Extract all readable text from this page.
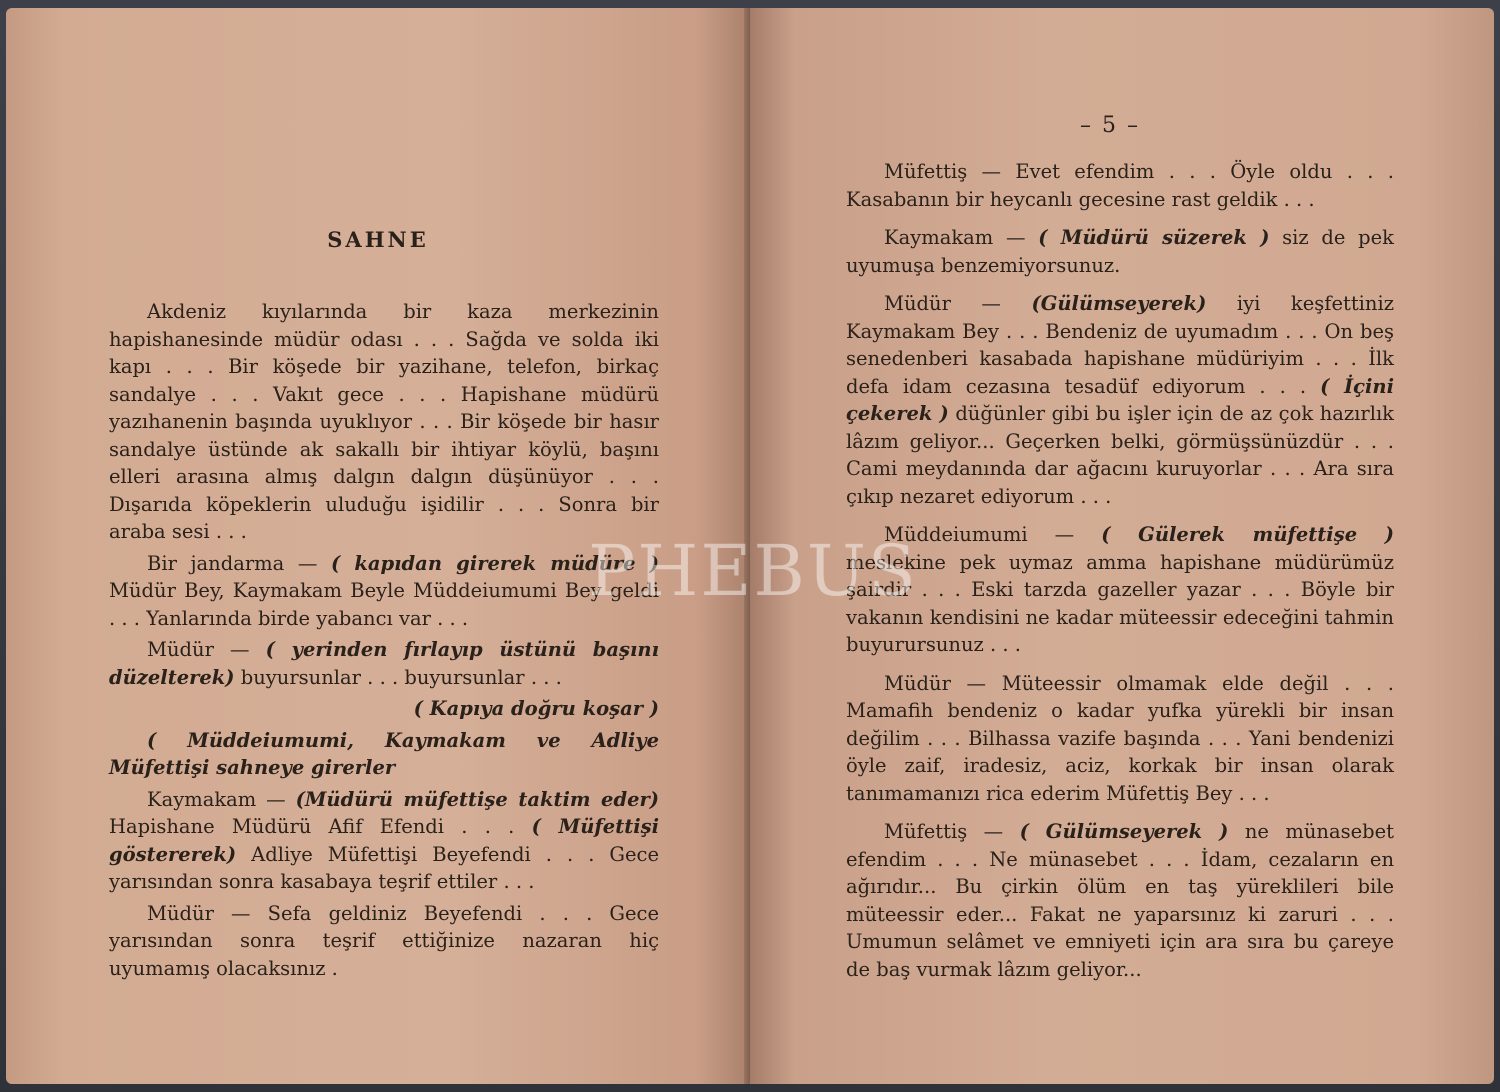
SAHNE

Akdeniz kıyılarında bir kaza merkezinin hapishanesinde müdür odası . . . Sağda ve solda iki kapı . . . Bir köşede bir yazihane, telefon, birkaç sandalye . . . Vakıt gece . . . Hapishane müdürü yazıhanenin başında uyuklıyor . . . Bir köşede bir hasır sandalye üstünde ak sakallı bir ihtiyar köylü, başını elleri arasına almış dalgın dalgın düşünüyor . . . Dışarıda köpeklerin uluduğu işidilir . . . Sonra bir araba sesi . . .

Bir jandarma — ( kapıdan girerek müdüre ) Müdür Bey, Kaymakam Beyle Müddeiumumi Bey geldi . . . Yanlarında birde yabancı var . . .

Müdür — ( yerinden fırlayıp üstünü başını düzelterek) buyursunlar . . . buyursunlar . . .

( Kapıya doğru koşar )

( Müddeiumumi, Kaymakam ve Adliye Müfettişi sahneye girerler

Kaymakam — (Müdürü müfettişe taktim eder) Hapishane Müdürü Afif Efendi . . . ( Müfettişi göstererek) Adliye Müfettişi Beyefendi . . . Gece yarısından sonra kasabaya teşrif ettiler . . .

Müdür — Sefa geldiniz Beyefendi . . . Gece yarısından sonra teşrif ettiğinize nazaran hiç uyumamış olacaksınız .

– 5 –

Müfettiş — Evet efendim . . . Öyle oldu . . . Kasabanın bir heycanlı gecesine rast geldik . . .

Kaymakam — ( Müdürü süzerek ) siz de pek uyumuşa benzemiyorsunuz.

Müdür — (Gülümseyerek) iyi keşfettiniz Kaymakam Bey . . . Bendeniz de uyumadım . . . On beş senedenberi kasabada hapishane müdüriyim . . . İlk defa idam cezasına tesadüf ediyorum . . . ( İçini çekerek ) düğünler gibi bu işler için de az çok hazırlık lâzım geliyor... Geçerken belki, görmüşsünüzdür . . . Cami meydanında dar ağacını kuruyorlar . . . Ara sıra çıkıp nezaret ediyorum . . .

Müddeiumumi — ( Gülerek müfettişe ) meslekine pek uymaz amma hapishane müdürümüz şairdir . . . Eski tarzda gazeller yazar . . . Böyle bir vakanın kendisini ne kadar müteessir edeceğini tahmin buyurursunuz . . .

Müdür — Müteessir olmamak elde değil . . . Mamafih bendeniz o kadar yufka yürekli bir insan değilim . . . Bilhassa vazife başında . . . Yani bendenizi öyle zaif, iradesiz, aciz, korkak bir insan olarak tanımamanızı rica ederim Müfettiş Bey . . .

Müfettiş — ( Gülümseyerek ) ne münasebet efendim . . . Ne münasebet . . . İdam, cezaların en ağırıdır... Bu çirkin ölüm en taş yüreklileri bile müteessir eder... Fakat ne yaparsınız ki zaruri . . . Umumun selâmet ve emniyeti için ara sıra bu çareye de baş vurmak lâzım geliyor...

PHEBUS
